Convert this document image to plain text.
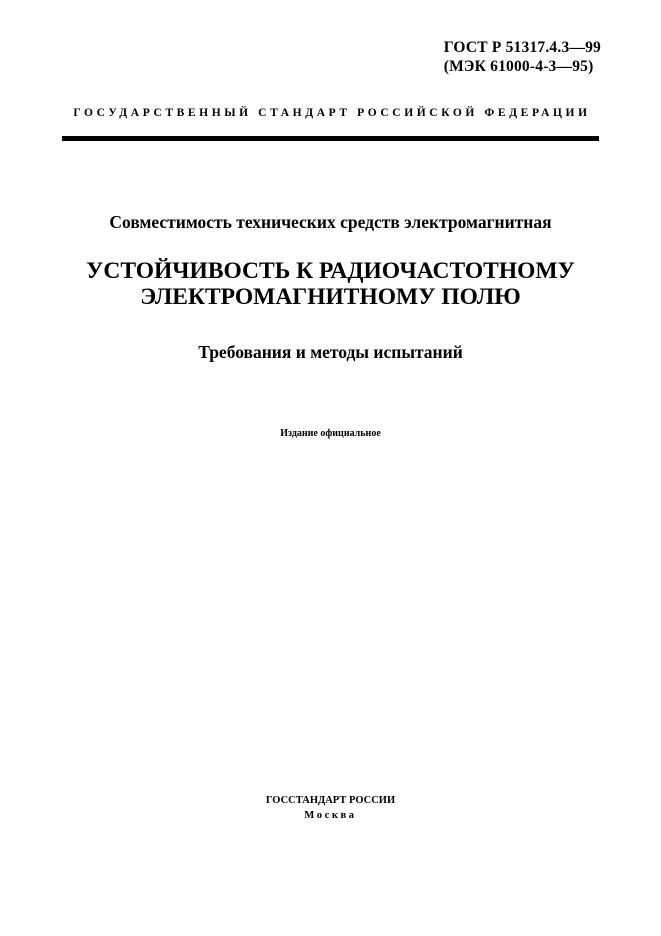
ГОСТ Р 51317.4.3—99
(МЭК 61000-4-3—95)
ГОСУДАРСТВЕННЫЙ СТАНДАРТ РОССИЙСКОЙ ФЕДЕРАЦИИ
Совместимость технических средств электромагнитная
УСТОЙЧИВОСТЬ К РАДИОЧАСТОТНОМУ
ЭЛЕКТРОМАГНИТНОМУ ПОЛЮ
Требования и методы испытаний
Издание официальное
ГОССТАНДАРТ РОССИИ
Москва
